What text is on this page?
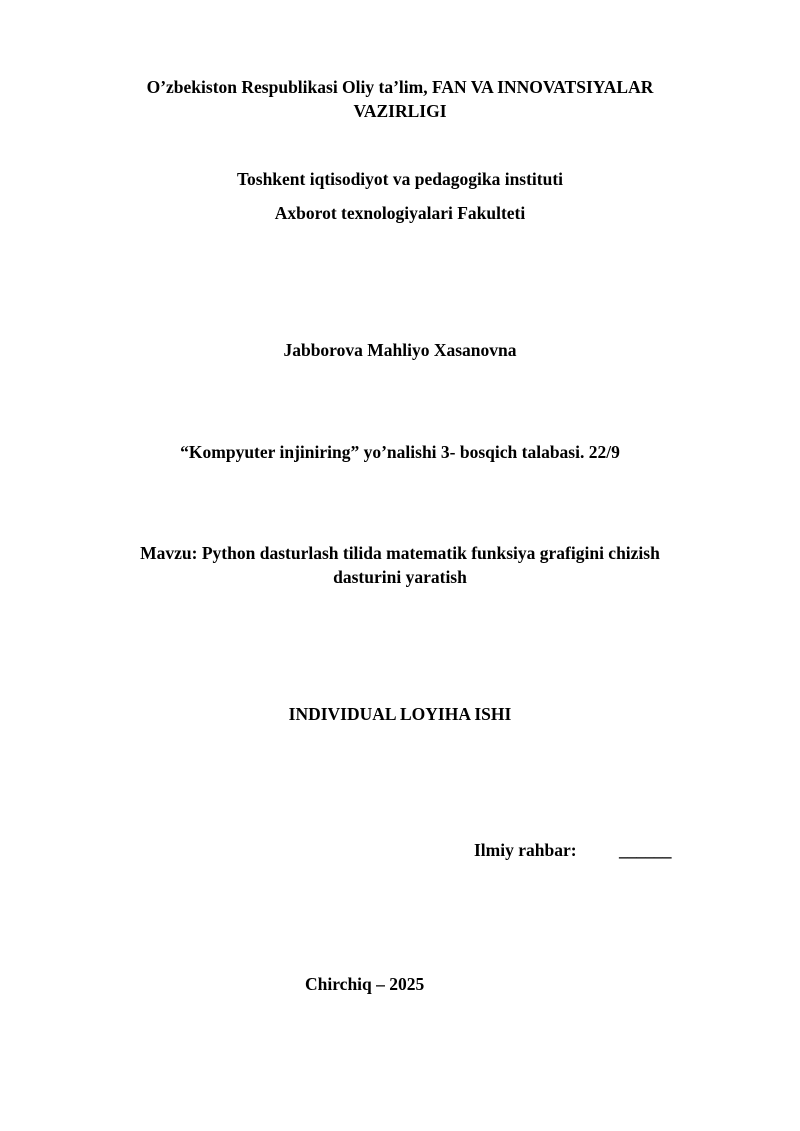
O’zbekiston Respublikasi Oliy ta’lim, FAN VA INNOVATSIYALAR
VAZIRLIGI
Toshkent iqtisodiyot va pedagogika instituti
Axborot texnologiyalari Fakulteti
Jabborova Mahliyo Xasanovna
“Kompyuter injiniring” yo’nalishi 3- bosqich talabasi. 22/9
Mavzu: Python dasturlash tilida matematik funksiya grafigini chizish
dasturini yaratish
INDIVIDUAL LOYIHA ISHI
Ilmiy rahbar: ______
Chirchiq – 2025
